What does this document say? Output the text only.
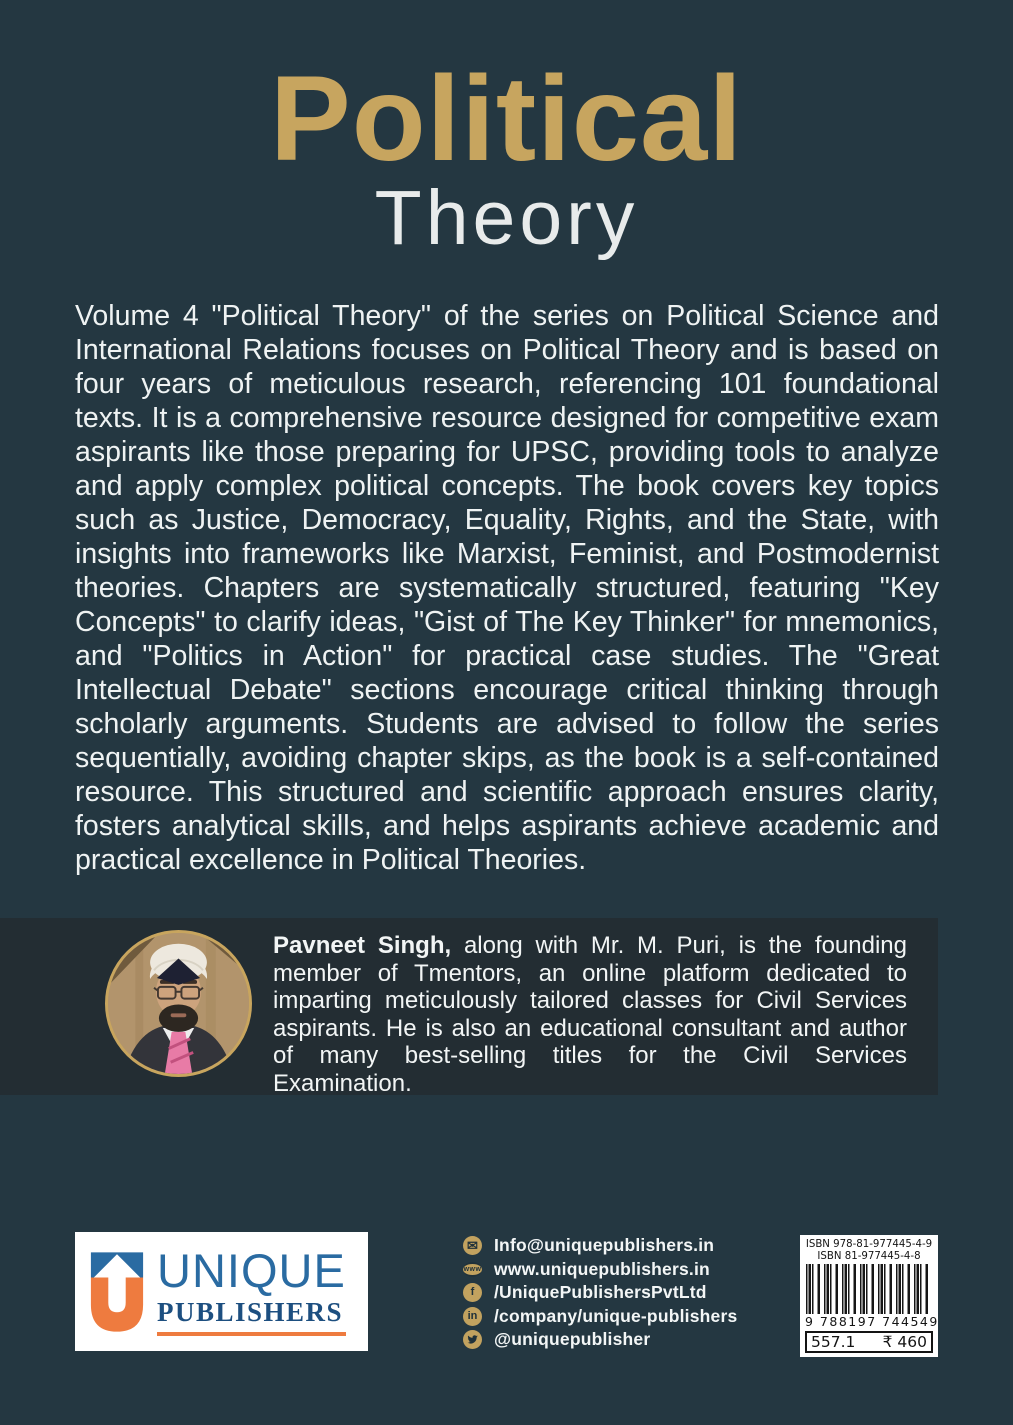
Political
Theory
Volume 4 "Political Theory" of the series on Political Science and International Relations focuses on Political Theory and is based on four years of meticulous research, referencing 101 foundational texts. It is a comprehensive resource designed for competitive exam aspirants like those preparing for UPSC, providing tools to analyze and apply complex political concepts. The book covers key topics such as Justice, Democracy, Equality, Rights, and the State, with insights into frameworks like Marxist, Feminist, and Postmodernist theories. Chapters are systematically structured, featuring "Key Concepts" to clarify ideas, "Gist of The Key Thinker" for mnemonics, and "Politics in Action" for practical case studies. The "Great Intellectual Debate" sections encourage critical thinking through scholarly arguments. Students are advised to follow the series sequentially, avoiding chapter skips, as the book is a self-contained resource. This structured and scientific approach ensures clarity, fosters analytical skills, and helps aspirants achieve academic and practical excellence in Political Theories.
Pavneet Singh, along with Mr. M. Puri, is the founding member of Tmentors, an online platform dedicated to imparting meticulously tailored classes for Civil Services aspirants. He is also an educational consultant and author of many best-selling titles for the Civil Services Examination.
UNIQUE
PUBLISHERS
✉ Info@uniquepublishers.in
www www.uniquepublishers.in
f	/UniquePublishersPvtLtd
in /company/unique-publishers
@uniquepublisher
ISBN 978-81-977445-4-9
ISBN 81-977445-4-8
9 788197 744549
557.1 ₹ 460
